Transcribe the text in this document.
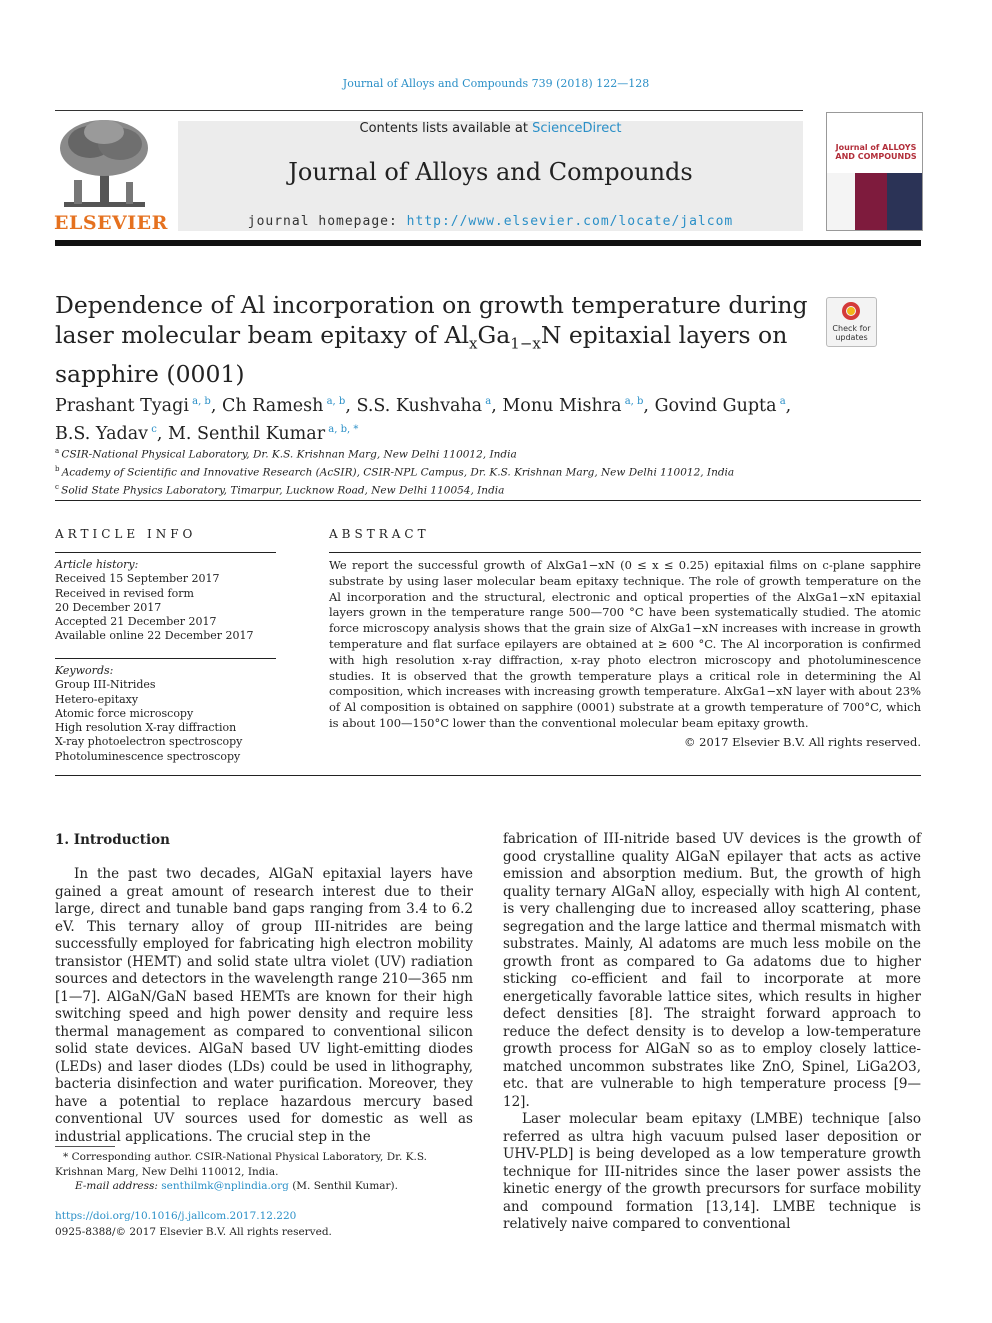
Journal of Alloys and Compounds 739 (2018) 122—128
ELSEVIER
Contents lists available at ScienceDirect
Journal of Alloys and Compounds
journal homepage: http://www.elsevier.com/locate/jalcom
Journal of ALLOYS AND COMPOUNDS
Dependence of Al incorporation on growth temperature during laser molecular beam epitaxy of $Al_xGa_{1-x}N$ epitaxial layers on sapphire (0001)
Check for updates
Prashant Tyagi $^{a, b}$, Ch Ramesh $^{a, b}$, S.S. Kushvaha $^a$, Monu Mishra $^{a, b}$, Govind Gupta $^a$,
B.S. Yadav $^c$, M. Senthil Kumar $^{a, b, *}$
$^a$ CSIR-National Physical Laboratory, Dr. K.S. Krishnan Marg, New Delhi 110012, India
$^b$ Academy of Scientific and Innovative Research (AcSIR), CSIR-NPL Campus, Dr. K.S. Krishnan Marg, New Delhi 110012, India
$^c$ Solid State Physics Laboratory, Timarpur, Lucknow Road, New Delhi 110054, India
ARTICLE INFO
Article history:
Received 15 September 2017
Received in revised form
20 December 2017
Accepted 21 December 2017
Available online 22 December 2017
Keywords:
Group III-Nitrides
Hetero-epitaxy
Atomic force microscopy
High resolution X-ray diffraction
X-ray photoelectron spectroscopy
Photoluminescence spectroscopy
ABSTRACT
We report the successful growth of AlxGa1−xN (0 ≤ x ≤ 0.25) epitaxial films on c-plane sapphire substrate by using laser molecular beam epitaxy technique. The role of growth temperature on the Al incorporation and the structural, electronic and optical properties of the AlxGa1−xN epitaxial layers grown in the temperature range 500—700 °C have been systematically studied. The atomic force microscopy analysis shows that the grain size of AlxGa1−xN increases with increase in growth temperature and flat surface epilayers are obtained at ≥ 600 °C. The Al incorporation is confirmed with high resolution x-ray diffraction, x-ray photo electron microscopy and photoluminescence studies. It is observed that the growth temperature plays a critical role in determining the Al composition, which increases with increasing growth temperature. AlxGa1−xN layer with about 23% of Al composition is obtained on sapphire (0001) substrate at a growth temperature of 700°C, which is about 100—150°C lower than the conventional molecular beam epitaxy growth.
© 2017 Elsevier B.V. All rights reserved.
1. Introduction

In the past two decades, AlGaN epitaxial layers have gained a great amount of research interest due to their large, direct and tunable band gaps ranging from 3.4 to 6.2 eV. This ternary alloy of group III-nitrides are being successfully employed for fabricating high electron mobility transistor (HEMT) and solid state ultra violet (UV) radiation sources and detectors in the wavelength range 210—365 nm [1—7]. AlGaN/GaN based HEMTs are known for their high switching speed and high power density and require less thermal management as compared to conventional silicon solid state devices. AlGaN based UV light-emitting diodes (LEDs) and laser diodes (LDs) could be used in lithography, bacteria disinfection and water purification. Moreover, they have a potential to replace hazardous mercury based conventional UV sources used for domestic as well as industrial applications. The crucial step in the

fabrication of III-nitride based UV devices is the growth of good crystalline quality AlGaN epilayer that acts as active emission and absorption medium. But, the growth of high quality ternary AlGaN alloy, especially with high Al content, is very challenging due to increased alloy scattering, phase segregation and the large lattice and thermal mismatch with substrates. Mainly, Al adatoms are much less mobile on the growth front as compared to Ga adatoms due to higher sticking co-efficient and fail to incorporate at more energetically favorable lattice sites, which results in higher defect densities [8]. The straight forward approach to reduce the defect density is to develop a low-temperature growth process for AlGaN so as to employ closely lattice-matched uncommon substrates like ZnO, Spinel, LiGa2O3, etc. that are vulnerable to high temperature process [9—12].

Laser molecular beam epitaxy (LMBE) technique [also referred as ultra high vacuum pulsed laser deposition or UHV-PLD] is being developed as a low temperature growth technique for III-nitrides since the laser power assists the kinetic energy of the growth precursors for surface mobility and compound formation [13,14]. LMBE technique is relatively naive compared to conventional

* Corresponding author. CSIR-National Physical Laboratory, Dr. K.S. Krishnan Marg, New Delhi 110012, India.
E-mail address: senthilmk@nplindia.org (M. Senthil Kumar).
https://doi.org/10.1016/j.jallcom.2017.12.220
0925-8388/© 2017 Elsevier B.V. All rights reserved.
